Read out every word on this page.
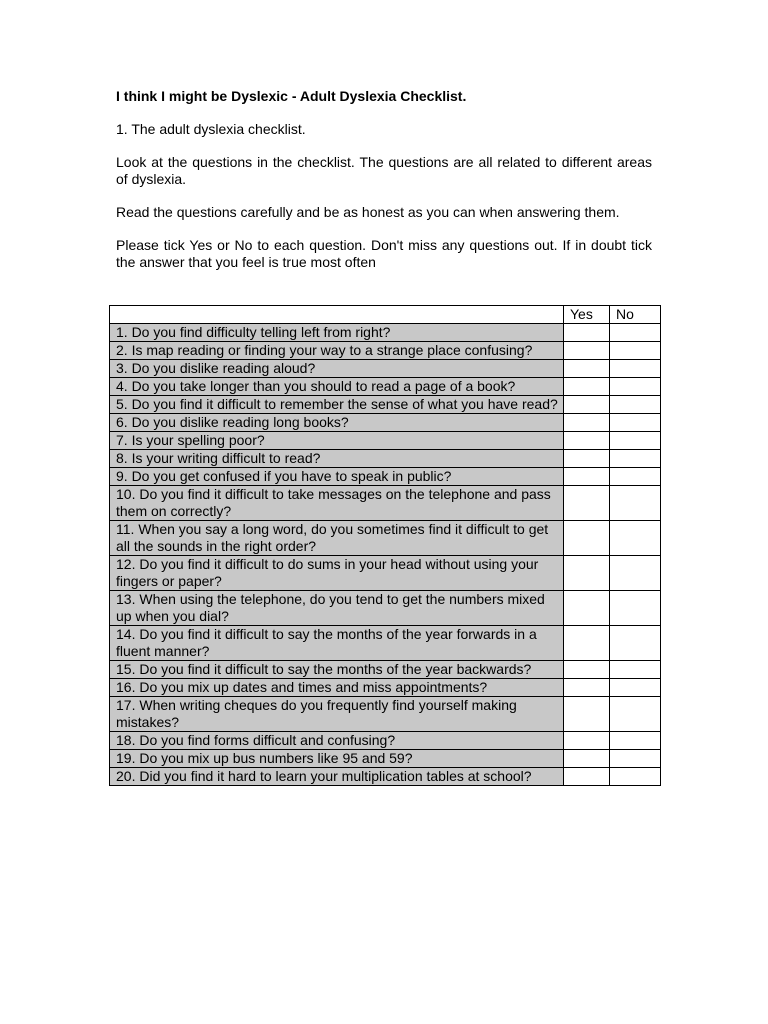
I think I might be Dyslexic - Adult Dyslexia Checklist.

1. The adult dyslexia checklist.

Look at the questions in the checklist. The questions are all related to different areas of dyslexia.

Read the questions carefully and be as honest as you can when answering them.

Please tick Yes or No to each question. Don't miss any questions out. If in doubt tick the answer that you feel is true most often

	Yes	No
1. Do you find difficulty telling left from right?		
2. Is map reading or finding your way to a strange place confusing?		
3. Do you dislike reading aloud?		
4. Do you take longer than you should to read a page of a book?		
5. Do you find it difficult to remember the sense of what you have read?		
6. Do you dislike reading long books?		
7. Is your spelling poor?		
8. Is your writing difficult to read?		
9. Do you get confused if you have to speak in public?		
10. Do you find it difficult to take messages on the telephone and pass them on correctly?		
11. When you say a long word, do you sometimes find it difficult to get all the sounds in the right order?		
12. Do you find it difficult to do sums in your head without using your fingers or paper?		
13. When using the telephone, do you tend to get the numbers mixed up when you dial?		
14. Do you find it difficult to say the months of the year forwards in a fluent manner?		
15. Do you find it difficult to say the months of the year backwards?		
16. Do you mix up dates and times and miss appointments?		
17. When writing cheques do you frequently find yourself making mistakes?		
18. Do you find forms difficult and confusing?		
19. Do you mix up bus numbers like 95 and 59?		
20. Did you find it hard to learn your multiplication tables at school?		
